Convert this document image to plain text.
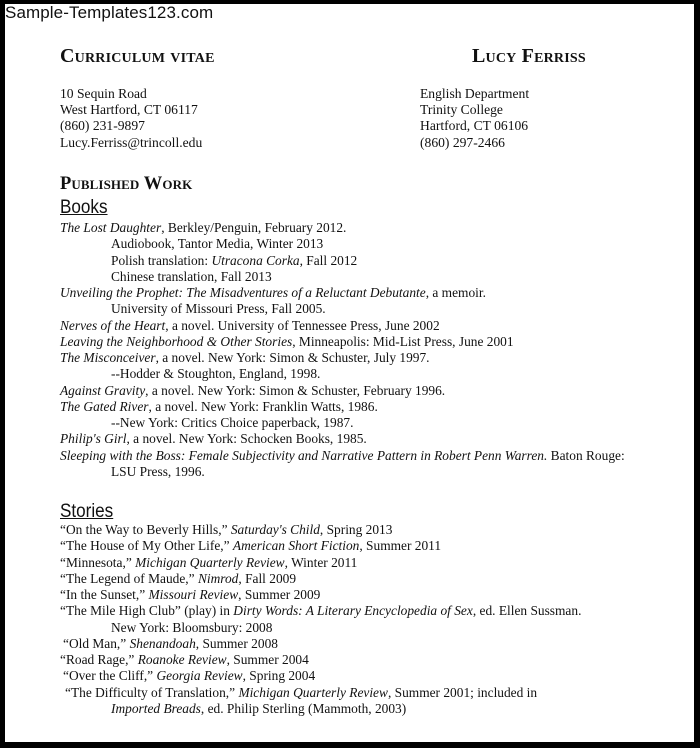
Sample-Templates123.com
Curriculum vitae	Lucy Ferriss
10 Sequin Road
West Hartford, CT 06117
(860) 231-9897
Lucy.Ferriss@trincoll.edu
English Department
Trinity College
Hartford, CT 06106
(860) 297-2466
Published Work
Books
The Lost Daughter, Berkley/Penguin, February 2012.
Audiobook, Tantor Media, Winter 2013
Polish translation: Utracona Corka, Fall 2012
Chinese translation, Fall 2013
Unveiling the Prophet: The Misadventures of a Reluctant Debutante, a memoir.
University of Missouri Press, Fall 2005.
Nerves of the Heart, a novel. University of Tennessee Press, June 2002
Leaving the Neighborhood & Other Stories, Minneapolis: Mid-List Press, June 2001
The Misconceiver, a novel. New York: Simon & Schuster, July 1997.
--Hodder & Stoughton, England, 1998.
Against Gravity, a novel. New York: Simon & Schuster, February 1996.
The Gated River, a novel. New York: Franklin Watts, 1986.
--New York: Critics Choice paperback, 1987.
Philip's Girl, a novel. New York: Schocken Books, 1985.
Sleeping with the Boss: Female Subjectivity and Narrative Pattern in Robert Penn Warren. Baton Rouge:
LSU Press, 1996.
Stories
“On the Way to Beverly Hills,” Saturday's Child, Spring 2013
“The House of My Other Life,” American Short Fiction, Summer 2011
“Minnesota,” Michigan Quarterly Review, Winter 2011
“The Legend of Maude,” Nimrod, Fall 2009
“In the Sunset,” Missouri Review, Summer 2009
“The Mile High Club” (play) in Dirty Words: A Literary Encyclopedia of Sex, ed. Ellen Sussman.
New York: Bloomsbury: 2008
“Old Man,” Shenandoah, Summer 2008
“Road Rage,” Roanoke Review, Summer 2004
“Over the Cliff,” Georgia Review, Spring 2004
“The Difficulty of Translation,” Michigan Quarterly Review, Summer 2001; included in
Imported Breads, ed. Philip Sterling (Mammoth, 2003)
